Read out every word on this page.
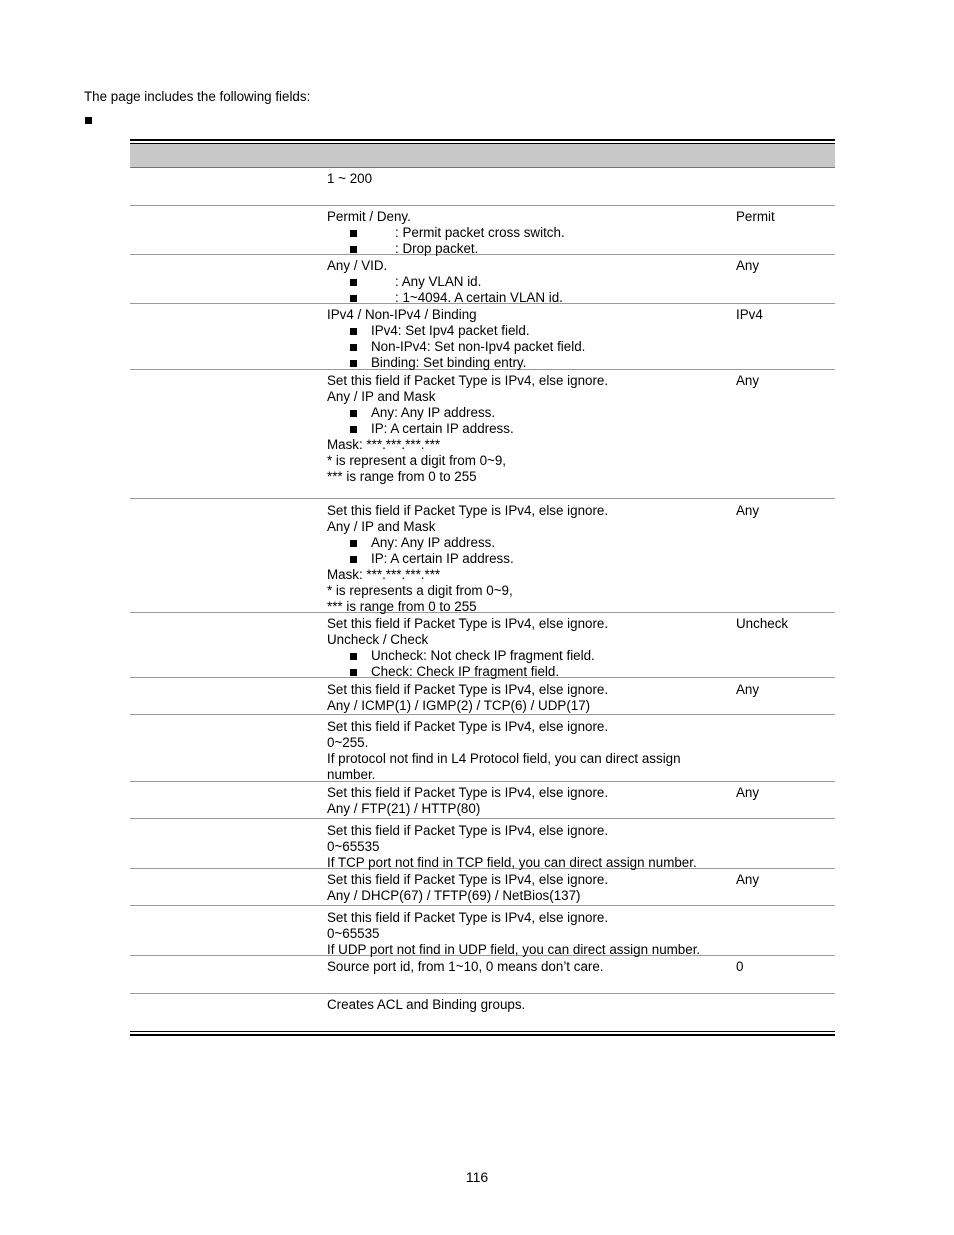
The page includes the following fields:
1 ~ 200
Permit / Deny.
: Permit packet cross switch.
: Drop packet.
Permit
Any / VID.
: Any VLAN id.
: 1~4094. A certain VLAN id.
Any
IPv4 / Non-IPv4 / Binding
IPv4: Set Ipv4 packet field.
Non-IPv4: Set non-Ipv4 packet field.
Binding: Set binding entry.
IPv4
Set this field if Packet Type is IPv4, else ignore.
Any / IP and Mask
Any: Any IP address.
IP: A certain IP address.
Mask: ***.***.***.***
* is represent a digit from 0~9,
*** is range from 0 to 255
Any
Set this field if Packet Type is IPv4, else ignore.
Any / IP and Mask
Any: Any IP address.
IP: A certain IP address.
Mask: ***.***.***.***
* is represents a digit from 0~9,
*** is range from 0 to 255
Any
Set this field if Packet Type is IPv4, else ignore.
Uncheck / Check
Uncheck: Not check IP fragment field.
Check: Check IP fragment field.
Uncheck
Set this field if Packet Type is IPv4, else ignore.
Any / ICMP(1) / IGMP(2) / TCP(6) / UDP(17)
Any
Set this field if Packet Type is IPv4, else ignore.
0~255.
If protocol not find in L4 Protocol field, you can direct assign
number.
Set this field if Packet Type is IPv4, else ignore.
Any / FTP(21) / HTTP(80)
Any
Set this field if Packet Type is IPv4, else ignore.
0~65535
If TCP port not find in TCP field, you can direct assign number.
Set this field if Packet Type is IPv4, else ignore.
Any / DHCP(67) / TFTP(69) / NetBios(137)
Any
Set this field if Packet Type is IPv4, else ignore.
0~65535
If UDP port not find in UDP field, you can direct assign number.
Source port id, from 1~10, 0 means don’t care.	0
Creates ACL and Binding groups.
116
